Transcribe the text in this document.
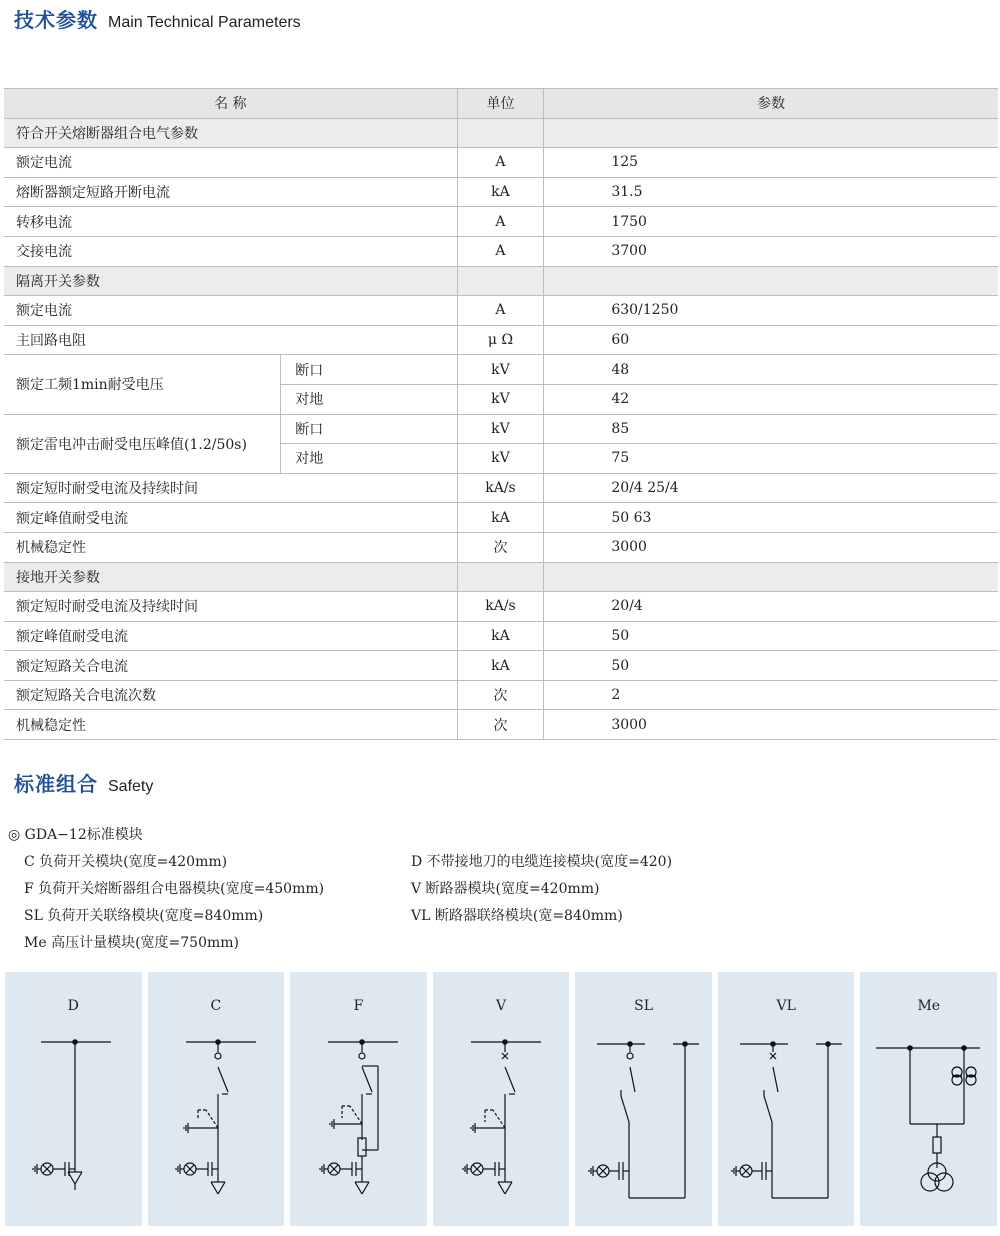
技术参数 Main Technical Parameters
名 称		单位	参数
符合开关熔断器组合电气参数			
额定电流		A	125
熔断器额定短路开断电流		kA	31.5
转移电流		A	1750
交接电流		A	3700
隔离开关参数			
额定电流		A	630/1250
主回路电阻		μ Ω	60
额定工频1min耐受电压	断口	kV	48
	对地	kV	42
额定雷电冲击耐受电压峰值(1.2/50s)	断口	kV	85
	对地	kV	75
额定短时耐受电流及持续时间		kA/s	20/4 25/4
额定峰值耐受电流		kA	50 63
机械稳定性		次	3000
接地开关参数			
额定短时耐受电流及持续时间		kA/s	20/4
额定峰值耐受电流		kA	50
额定短路关合电流		kA	50
额定短路关合电流次数		次	2
机械稳定性		次	3000
标准组合 Safety
◎ GDA−12标准模块
C 负荷开关模块(宽度=420mm)	D 不带接地刀的电缆连接模块(宽度=420)
F 负荷开关熔断器组合电器模块(宽度=450mm)	V 断路器模块(宽度=420mm)
SL 负荷开关联络模块(宽度=840mm)	VL 断路器联络模块(宽=840mm)
Me 高压计量模块(宽度=750mm)
D	C	F	V	SL	VL	Me
